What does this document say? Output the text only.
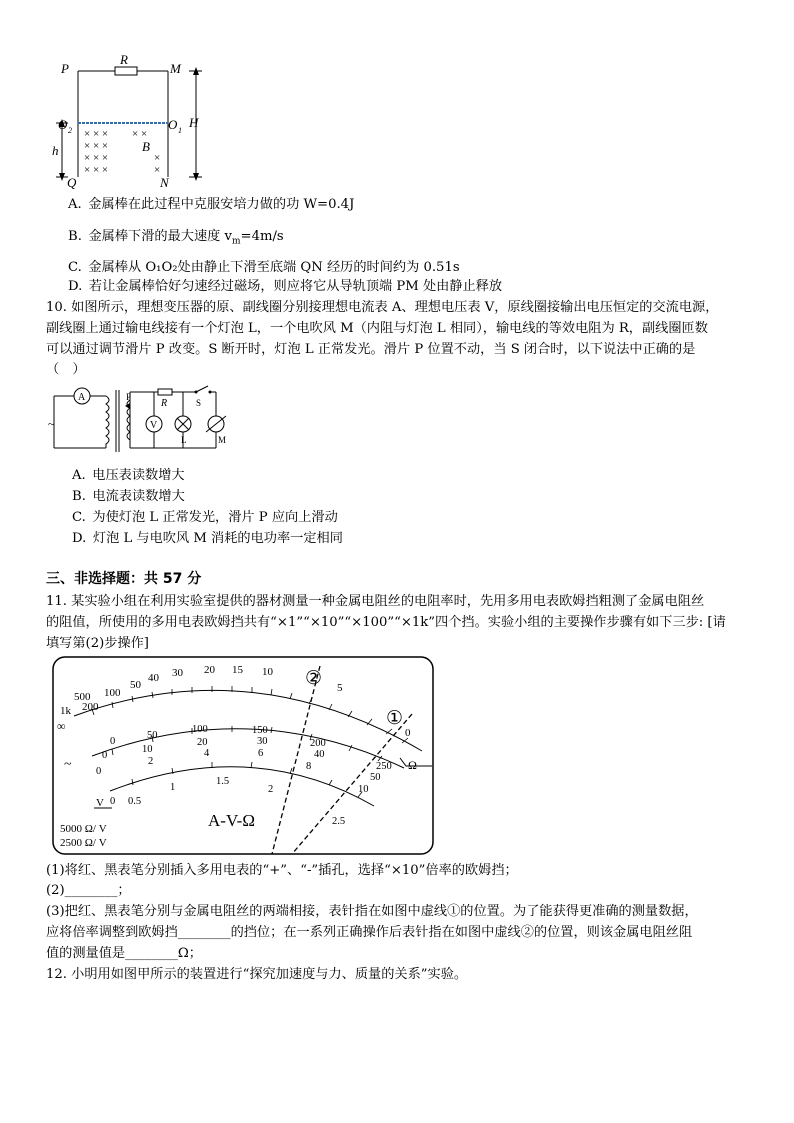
× × ×
× × ×
× × ×
× × ×
× ×
×
×
P
R
M
O 2	O 1
H
h	B
Q	N
A. 金属棒在此过程中克服安培力做的功 W=0.4J
B. 金属棒下滑的最大速度 $v_m=4m/s$
C. 金属棒从 O₁O₂处由静止下滑至底端 QN 经历的时间约为 0.51s
D. 若让金属棒恰好匀速经过磁场，则应将它从导轨顶端 PM 处由静止释放
10. 如图所示，理想变压器的原、副线圈分别接理想电流表 A、理想电压表 V，原线圈接输出电压恒定的交流电源，
副线圈上通过输电线接有一个灯泡 L，一个电吹风 M（内阻与灯泡 L 相同），输电线的等效电阻为 R，副线圈匝数
可以通过调节滑片 P 改变。S 断开时，灯泡 L 正常发光。滑片 P 位置不动，当 S 闭合时，以下说法中正确的是
（　）
A
~
P
R	S
V
L	M
A. 电压表读数增大
B. 电流表读数增大
C. 为使灯泡 L 正常发光，滑片 P 应向上滑动
D. 灯泡 L 与电吹风 M 消耗的电功率一定相同
三、非选择题：共 57 分
11. 某实验小组在利用实验室提供的器材测量一种金属电阻丝的电阻率时，先用多用电表欧姆挡粗测了金属电阻丝
的阻值，所使用的多用电表欧姆挡共有“×1”“×10”“×100”“×1k”四个挡。实验小组的主要操作步骤有如下三步: [请
填写第(2)步操作]
1k
500
200
100
50
40 30 20 15 10
5
0
∞
0
50
100	150
200
250
0
10
20	30
40
50
0
2
4	6
8
10
0 0.5
1
1.5
2
2.5
V
~	Ω
A-V-Ω
5000 Ω/ V
2500 Ω/ V
②
①
(1)将红、黑表笔分别插入多用电表的“+”、“-”插孔，选择“×10”倍率的欧姆挡；
(2)________；
(3)把红、黑表笔分别与金属电阻丝的两端相接，表针指在如图中虚线①的位置。为了能获得更准确的测量数据，
应将倍率调整到欧姆挡________的挡位；在一系列正确操作后表针指在如图中虚线②的位置，则该金属电阻丝阻
值的测量值是________Ω；
12. 小明用如图甲所示的装置进行“探究加速度与力、质量的关系”实验。
